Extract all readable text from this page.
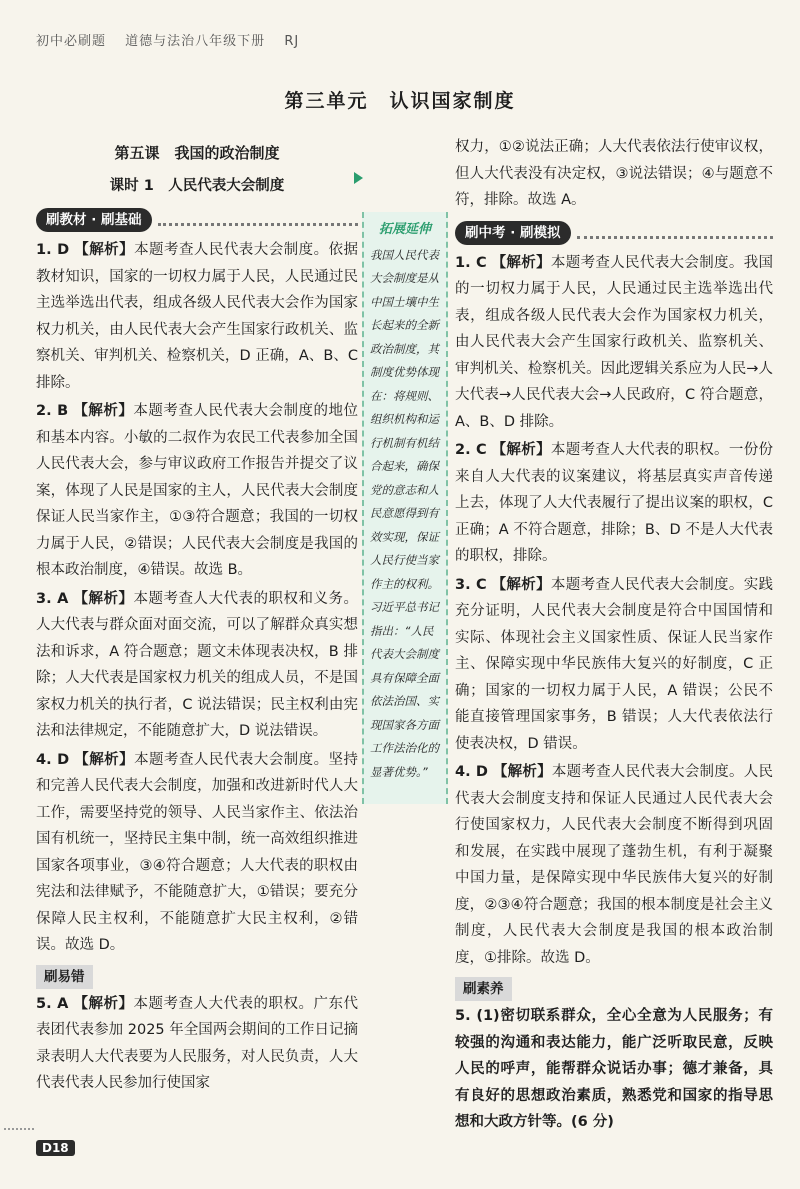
初中必刷题 道德与法治八年级下册 RJ
第三单元　认识国家制度
第五课　我国的政治制度
课时 1　人民代表大会制度
刷教材 · 刷基础
1. D 【解析】本题考查人民代表大会制度。依据教材知识，国家的一切权力属于人民，人民通过民主选举选出代表，组成各级人民代表大会作为国家权力机关，由人民代表大会产生国家行政机关、监察机关、审判机关、检察机关，D 正确，A、B、C 排除。
2. B 【解析】本题考查人民代表大会制度的地位和基本内容。小敏的二叔作为农民工代表参加全国人民代表大会，参与审议政府工作报告并提交了议案，体现了人民是国家的主人，人民代表大会制度保证人民当家作主，①③符合题意；我国的一切权力属于人民，②错误；人民代表大会制度是我国的根本政治制度，④错误。故选 B。
3. A 【解析】本题考查人大代表的职权和义务。人大代表与群众面对面交流，可以了解群众真实想法和诉求，A 符合题意；题文未体现表决权，B 排除；人大代表是国家权力机关的组成人员，不是国家权力机关的执行者，C 说法错误；民主权利由宪法和法律规定，不能随意扩大，D 说法错误。
4. D 【解析】本题考查人民代表大会制度。坚持和完善人民代表大会制度，加强和改进新时代人大工作，需要坚持党的领导、人民当家作主、依法治国有机统一，坚持民主集中制，统一高效组织推进国家各项事业，③④符合题意；人大代表的职权由宪法和法律赋予，不能随意扩大，①错误；要充分保障人民主权利，不能随意扩大民主权利，②错误。故选 D。
刷易错
5. A 【解析】本题考查人大代表的职权。广东代表团代表参加 2025 年全国两会期间的工作日记摘录表明人大代表要为人民服务，对人民负责，人大代表代表人民参加行使国家
拓展延伸
我国人民代表大会制度是从中国土壤中生长起来的全新政治制度，其制度优势体现在：将规则、组织机构和运行机制有机结合起来，确保党的意志和人民意愿得到有效实现，保证人民行使当家作主的权利。习近平总书记指出：“人民代表大会制度具有保障全面依法治国、实现国家各方面工作法治化的显著优势。”
权力，①②说法正确；人大代表依法行使审议权，但人大代表没有决定权，③说法错误；④与题意不符，排除。故选 A。
刷中考 · 刷模拟
1. C 【解析】本题考查人民代表大会制度。我国的一切权力属于人民，人民通过民主选举选出代表，组成各级人民代表大会作为国家权力机关，由人民代表大会产生国家行政机关、监察机关、审判机关、检察机关。因此逻辑关系应为人民→人大代表→人民代表大会→人民政府，C 符合题意，A、B、D 排除。
2. C 【解析】本题考查人大代表的职权。一份份来自人大代表的议案建议，将基层真实声音传递上去，体现了人大代表履行了提出议案的职权，C 正确；A 不符合题意，排除；B、D 不是人大代表的职权，排除。
3. C 【解析】本题考查人民代表大会制度。实践充分证明，人民代表大会制度是符合中国国情和实际、体现社会主义国家性质、保证人民当家作主、保障实现中华民族伟大复兴的好制度，C 正确；国家的一切权力属于人民，A 错误；公民不能直接管理国家事务，B 错误；人大代表依法行使表决权，D 错误。
4. D 【解析】本题考查人民代表大会制度。人民代表大会制度支持和保证人民通过人民代表大会行使国家权力，人民代表大会制度不断得到巩固和发展，在实践中展现了蓬勃生机，有利于凝聚中国力量，是保障实现中华民族伟大复兴的好制度，②③④符合题意；我国的根本制度是社会主义制度，人民代表大会制度是我国的根本政治制度，①排除。故选 D。
刷素养
5. (1)密切联系群众，全心全意为人民服务；有较强的沟通和表达能力，能广泛听取民意，反映人民的呼声，能帮群众说话办事；德才兼备，具有良好的思想政治素质，熟悉党和国家的指导思想和大政方针等。(6 分)
D18
